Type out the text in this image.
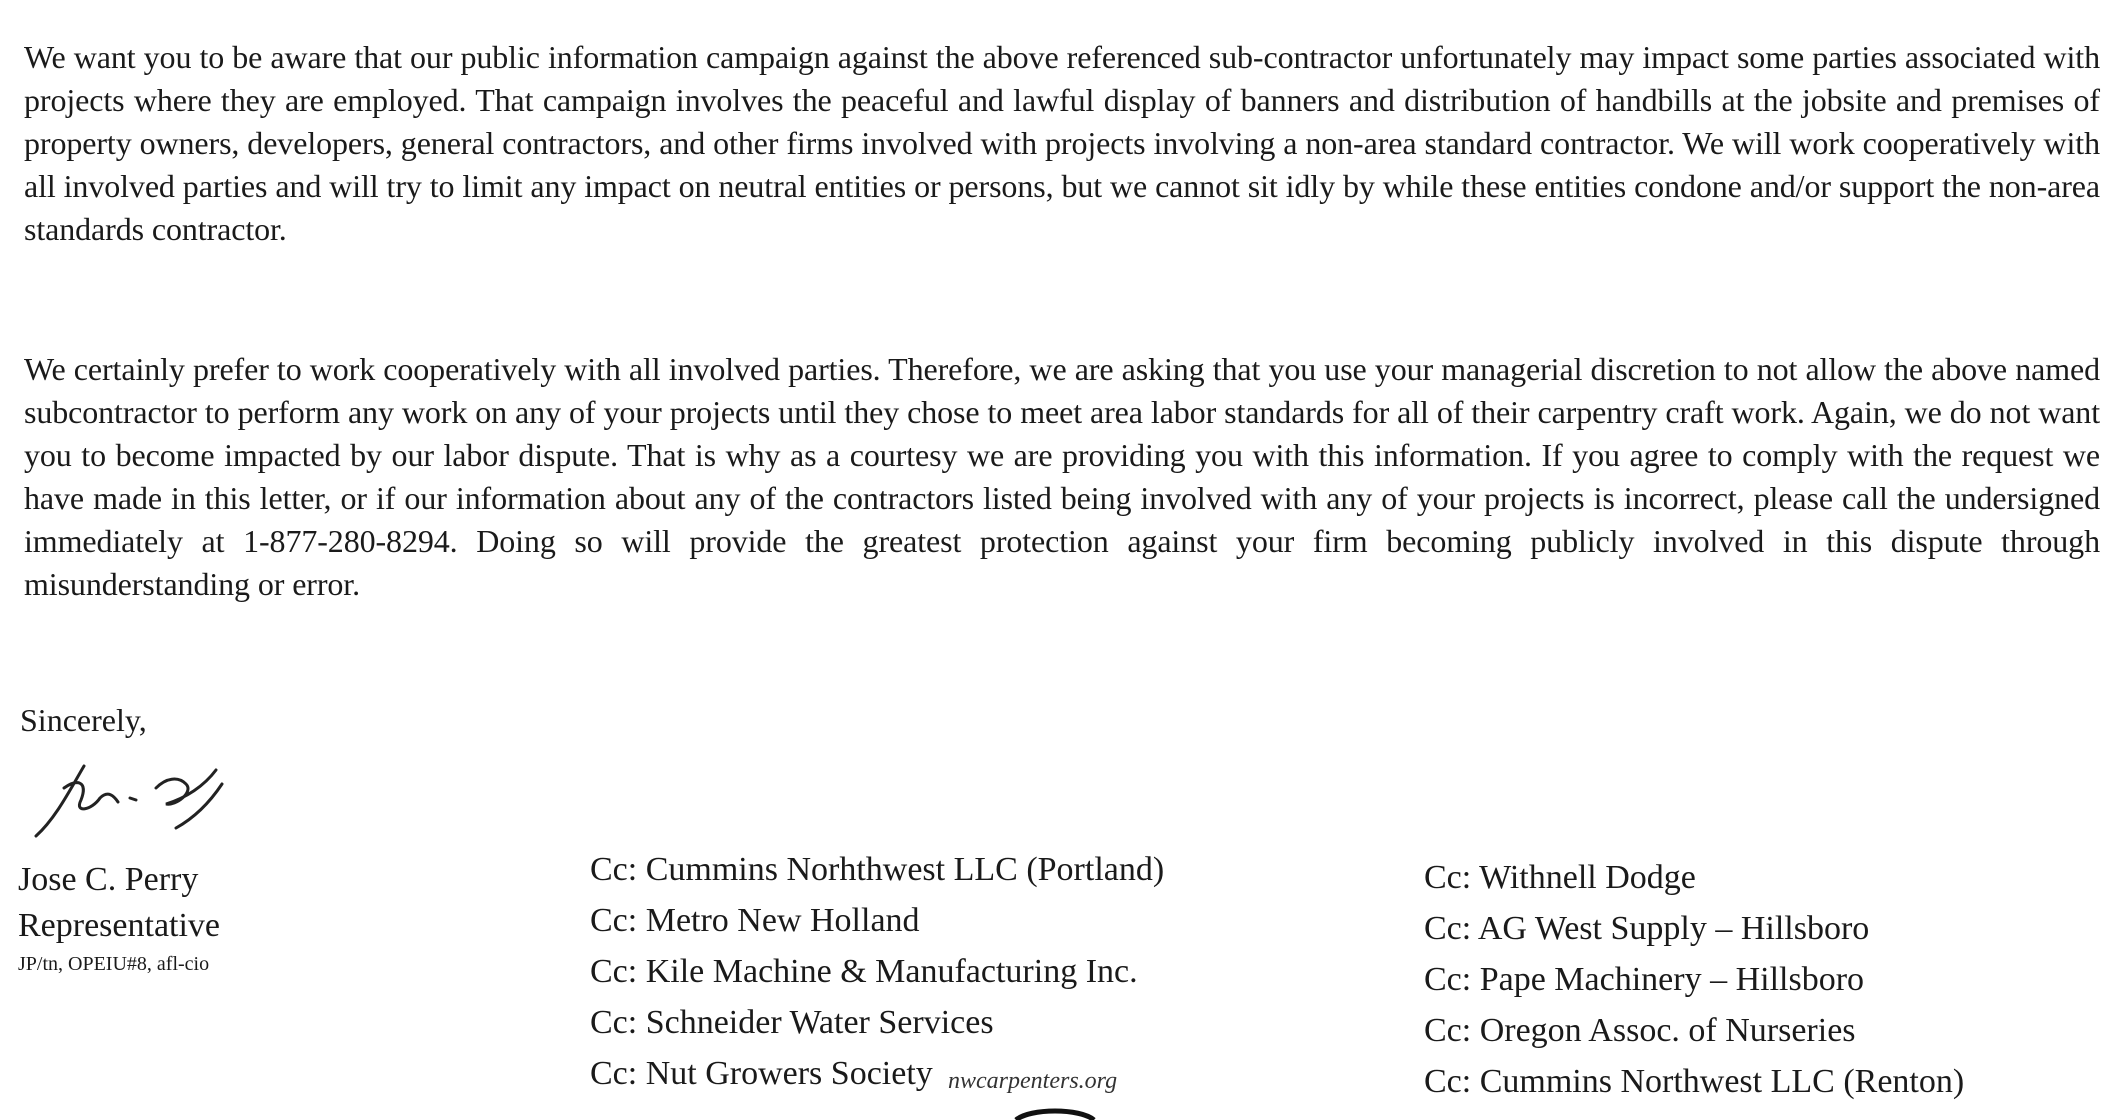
We want you to be aware that our public information campaign against the above referenced sub-contractor unfortunately may impact some parties associated with projects where they are employed. That campaign involves the peaceful and lawful display of banners and distribution of handbills at the jobsite and premises of property owners, developers, general contractors, and other firms involved with projects involving a non-area standard contractor. We will work cooperatively with all involved parties and will try to limit any impact on neutral entities or persons, but we cannot sit idly by while these entities condone and/or support the non-area standards contractor.

We certainly prefer to work cooperatively with all involved parties. Therefore, we are asking that you use your managerial discretion to not allow the above named subcontractor to perform any work on any of your projects until they chose to meet area labor standards for all of their carpentry craft work. Again, we do not want you to become impacted by our labor dispute. That is why as a courtesy we are providing you with this information. If you agree to comply with the request we have made in this letter, or if our information about any of the contractors listed being involved with any of your projects is incorrect, please call the undersigned immediately at 1-877-280-8294. Doing so will provide the greatest protection against your firm becoming publicly involved in this dispute through misunderstanding or error.

Sincerely,
Jose C. Perry
Representative
JP/tn, OPEIU#8, afl-cio
Cc: Cummins Norhthwest LLC (Portland)
Cc: Metro New Holland
Cc: Kile Machine & Manufacturing Inc.
Cc: Schneider Water Services
Cc: Nut Growers Society
Cc: Withnell Dodge
Cc: AG West Supply – Hillsboro
Cc: Pape Machinery – Hillsboro
Cc: Oregon Assoc. of Nurseries
Cc: Cummins Northwest LLC (Renton)
nwcarpenters.org
